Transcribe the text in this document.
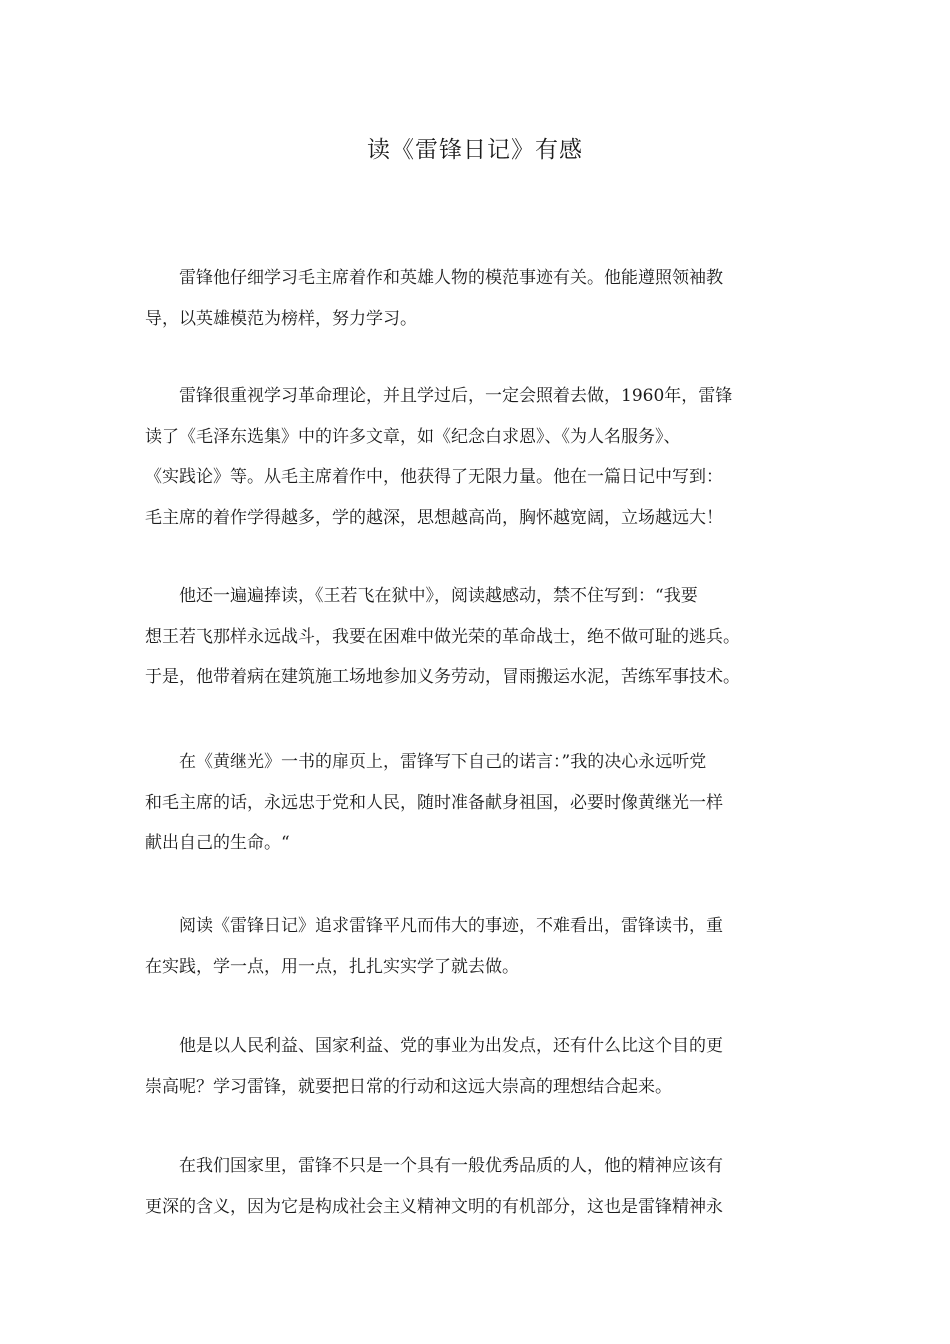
读《雷锋日记》有感
　　雷锋他仔细学习毛主席着作和英雄人物的模范事迹有关。他能遵照领袖教
导，以英雄模范为榜样，努力学习。
　　雷锋很重视学习革命理论，并且学过后，一定会照着去做，1960年，雷锋
读了《毛泽东选集》中的许多文章，如《纪念白求恩》、《为人名服务》、
《实践论》等。从毛主席着作中，他获得了无限力量。他在一篇日记中写到：
毛主席的着作学得越多，学的越深，思想越高尚，胸怀越宽阔，立场越远大！
　　他还一遍遍捧读，《王若飞在狱中》，阅读越感动，禁不住写到：“我要
想王若飞那样永远战斗，我要在困难中做光荣的革命战士，绝不做可耻的逃兵。
于是，他带着病在建筑施工场地参加义务劳动，冒雨搬运水泥，苦练军事技术。
　　在《黄继光》一书的扉页上，雷锋写下自己的诺言：”我的决心永远听党
和毛主席的话，永远忠于党和人民，随时准备献身祖国，必要时像黄继光一样
献出自己的生命。“
　　阅读《雷锋日记》追求雷锋平凡而伟大的事迹，不难看出，雷锋读书，重
在实践，学一点，用一点，扎扎实实学了就去做。
　　他是以人民利益、国家利益、党的事业为出发点，还有什么比这个目的更
崇高呢？学习雷锋，就要把日常的行动和这远大崇高的理想结合起来。
　　在我们国家里，雷锋不只是一个具有一般优秀品质的人，他的精神应该有
更深的含义，因为它是构成社会主义精神文明的有机部分，这也是雷锋精神永
